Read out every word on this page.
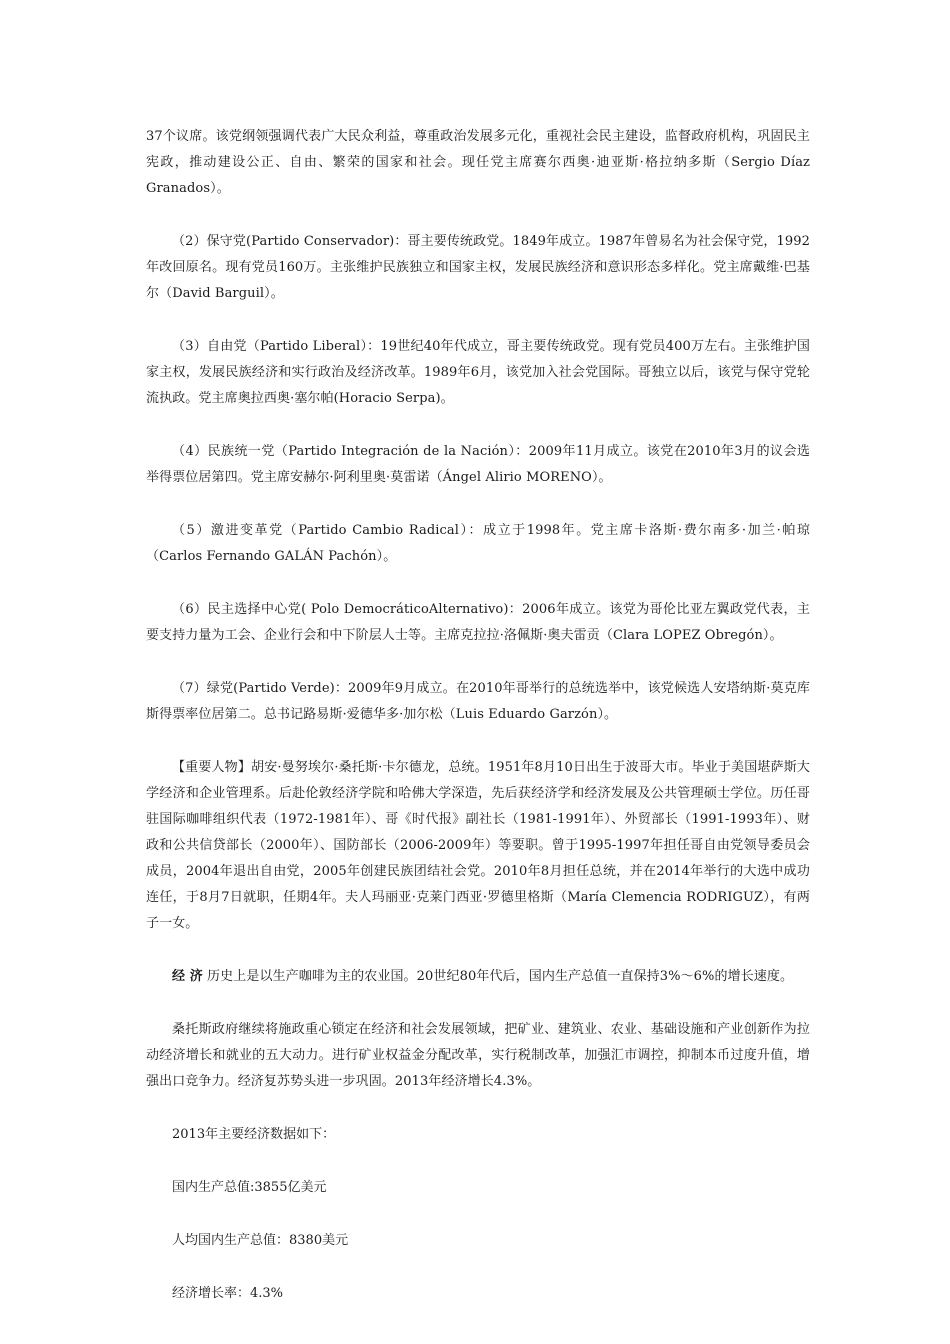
37个议席。该党纲领强调代表广大民众利益，尊重政治发展多元化，重视社会民主建设，监督政府机构，巩固民主宪政，推动建设公正、自由、繁荣的国家和社会。现任党主席赛尔西奥·迪亚斯·格拉纳多斯（Sergio Díaz Granados）。

（2）保守党(Partido Conservador)：哥主要传统政党。1849年成立。1987年曾易名为社会保守党，1992年改回原名。现有党员160万。主张维护民族独立和国家主权，发展民族经济和意识形态多样化。党主席戴维·巴基尔（David Barguil）。

（3）自由党（Partido Liberal）：19世纪40年代成立，哥主要传统政党。现有党员400万左右。主张维护国家主权，发展民族经济和实行政治及经济改革。1989年6月，该党加入社会党国际。哥独立以后，该党与保守党轮流执政。党主席奥拉西奥·塞尔帕(Horacio Serpa)。

（4）民族统一党（Partido Integración de la Nación）：2009年11月成立。该党在2010年3月的议会选举得票位居第四。党主席安赫尔·阿利里奥·莫雷诺（Ángel Alirio MORENO）。

（5）激进变革党（Partido Cambio Radical）：成立于1998年。党主席卡洛斯·费尔南多·加兰·帕琼（Carlos Fernando GALÁN Pachón）。

（6）民主选择中心党( Polo DemocráticoAlternativo)：2006年成立。该党为哥伦比亚左翼政党代表，主要支持力量为工会、企业行会和中下阶层人士等。主席克拉拉·洛佩斯·奥夫雷贡（Clara LOPEZ Obregón）。

（7）绿党(Partido Verde)：2009年9月成立。在2010年哥举行的总统选举中，该党候选人安塔纳斯·莫克库斯得票率位居第二。总书记路易斯·爱德华多·加尔松（Luis Eduardo Garzón）。

【重要人物】胡安·曼努埃尔·桑托斯·卡尔德龙，总统。1951年8月10日出生于波哥大市。毕业于美国堪萨斯大学经济和企业管理系。后赴伦敦经济学院和哈佛大学深造，先后获经济学和经济发展及公共管理硕士学位。历任哥驻国际咖啡组织代表（1972-1981年）、哥《时代报》副社长（1981-1991年）、外贸部长（1991-1993年）、财政和公共信贷部长（2000年）、国防部长（2006-2009年）等要职。曾于1995-1997年担任哥自由党领导委员会成员，2004年退出自由党，2005年创建民族团结社会党。2010年8月担任总统，并在2014年举行的大选中成功连任，于8月7日就职，任期4年。夫人玛丽亚·克莱门西亚·罗德里格斯（María Clemencia RODRIGUZ），有两子一女。

经 济 历史上是以生产咖啡为主的农业国。20世纪80年代后，国内生产总值一直保持3%～6%的增长速度。

桑托斯政府继续将施政重心锁定在经济和社会发展领域，把矿业、建筑业、农业、基础设施和产业创新作为拉动经济增长和就业的五大动力。进行矿业权益金分配改革，实行税制改革，加强汇市调控，抑制本币过度升值，增强出口竞争力。经济复苏势头进一步巩固。2013年经济增长4.3%。

2013年主要经济数据如下：

国内生产总值:3855亿美元

人均国内生产总值：8380美元

经济增长率：4.3%
